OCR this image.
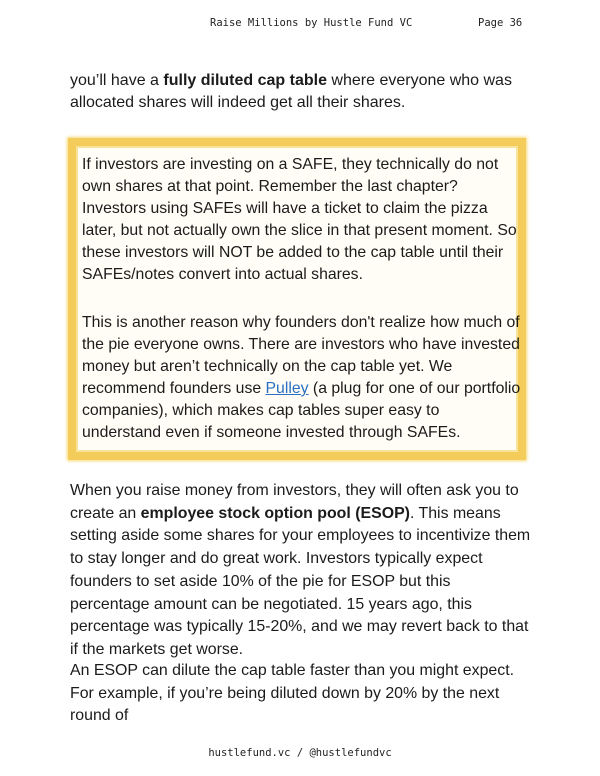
Raise Millions by Hustle Fund VC	Page 36

you’ll have a fully diluted cap table where everyone who was allocated shares will indeed get all their shares.

If investors are investing on a SAFE, they technically do not own shares at that point. Remember the last chapter? Investors using SAFEs will have a ticket to claim the pizza later, but not actually own the slice in that present moment. So these investors will NOT be added to the cap table until their SAFEs/notes convert into actual shares.

This is another reason why founders don't realize how much of the pie everyone owns. There are investors who have invested money but aren’t technically on the cap table yet. We recommend founders use Pulley (a plug for one of our portfolio companies), which makes cap tables super easy to understand even if someone invested through SAFEs.

When you raise money from investors, they will often ask you to create an employee stock option pool (ESOP). This means setting aside some shares for your employees to incentivize them to stay longer and do great work. Investors typically expect founders to set aside 10% of the pie for ESOP but this percentage amount can be negotiated. 15 years ago, this percentage was typically 15-20%, and we may revert back to that if the markets get worse.

An ESOP can dilute the cap table faster than you might expect. For example, if you’re being diluted down by 20% by the next round of

hustlefund.vc / @hustlefundvc
